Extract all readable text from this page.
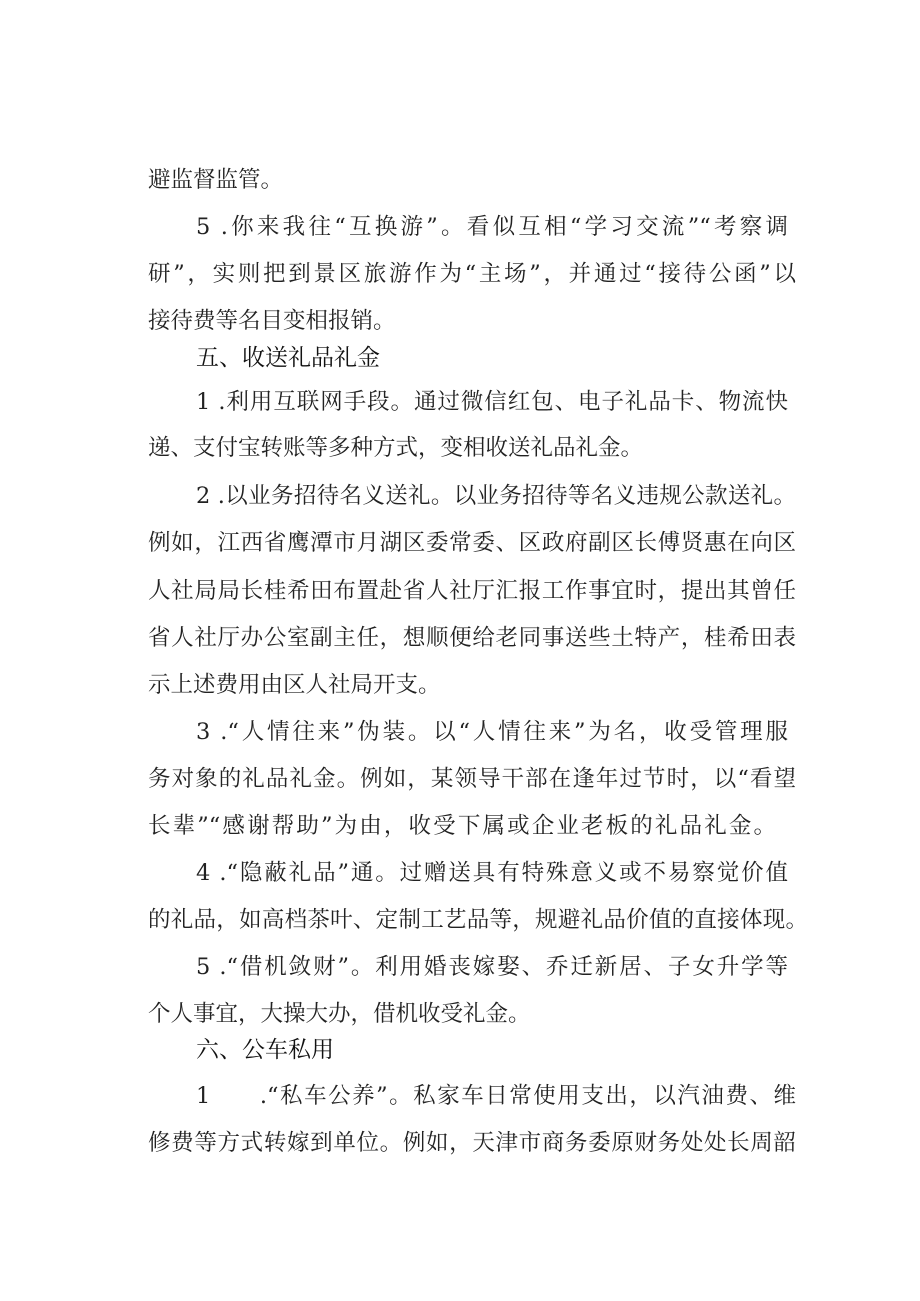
避监督监管。
5 .你来我往“互换游”。看似互相“学习交流”“考察调
研”，实则把到景区旅游作为“主场”，并通过“接待公函”以
接待费等名目变相报销。
五、收送礼品礼金
1 .利用互联网手段。通过微信红包、电子礼品卡、物流快
递、支付宝转账等多种方式，变相收送礼品礼金。
2 .以业务招待名义送礼。以业务招待等名义违规公款送礼。
例如，江西省鹰潭市月湖区委常委、区政府副区长傅贤惠在向区
人社局局长桂希田布置赴省人社厅汇报工作事宜时，提出其曾任
省人社厅办公室副主任，想顺便给老同事送些土特产，桂希田表
示上述费用由区人社局开支。
3 .“人情往来”伪装。以“人情往来”为名，收受管理服
务对象的礼品礼金。例如，某领导干部在逢年过节时，以“看望
长辈”“感谢帮助”为由，收受下属或企业老板的礼品礼金。
4 .“隐蔽礼品”通。过赠送具有特殊意义或不易察觉价值
的礼品，如高档茶叶、定制工艺品等，规避礼品价值的直接体现。
5 .“借机敛财”。利用婚丧嫁娶、乔迁新居、子女升学等
个人事宜，大操大办，借机收受礼金。
六、公车私用
1　　.“私车公养”。私家车日常使用支出，以汽油费、维
修费等方式转嫁到单位。例如，天津市商务委原财务处处长周韶
